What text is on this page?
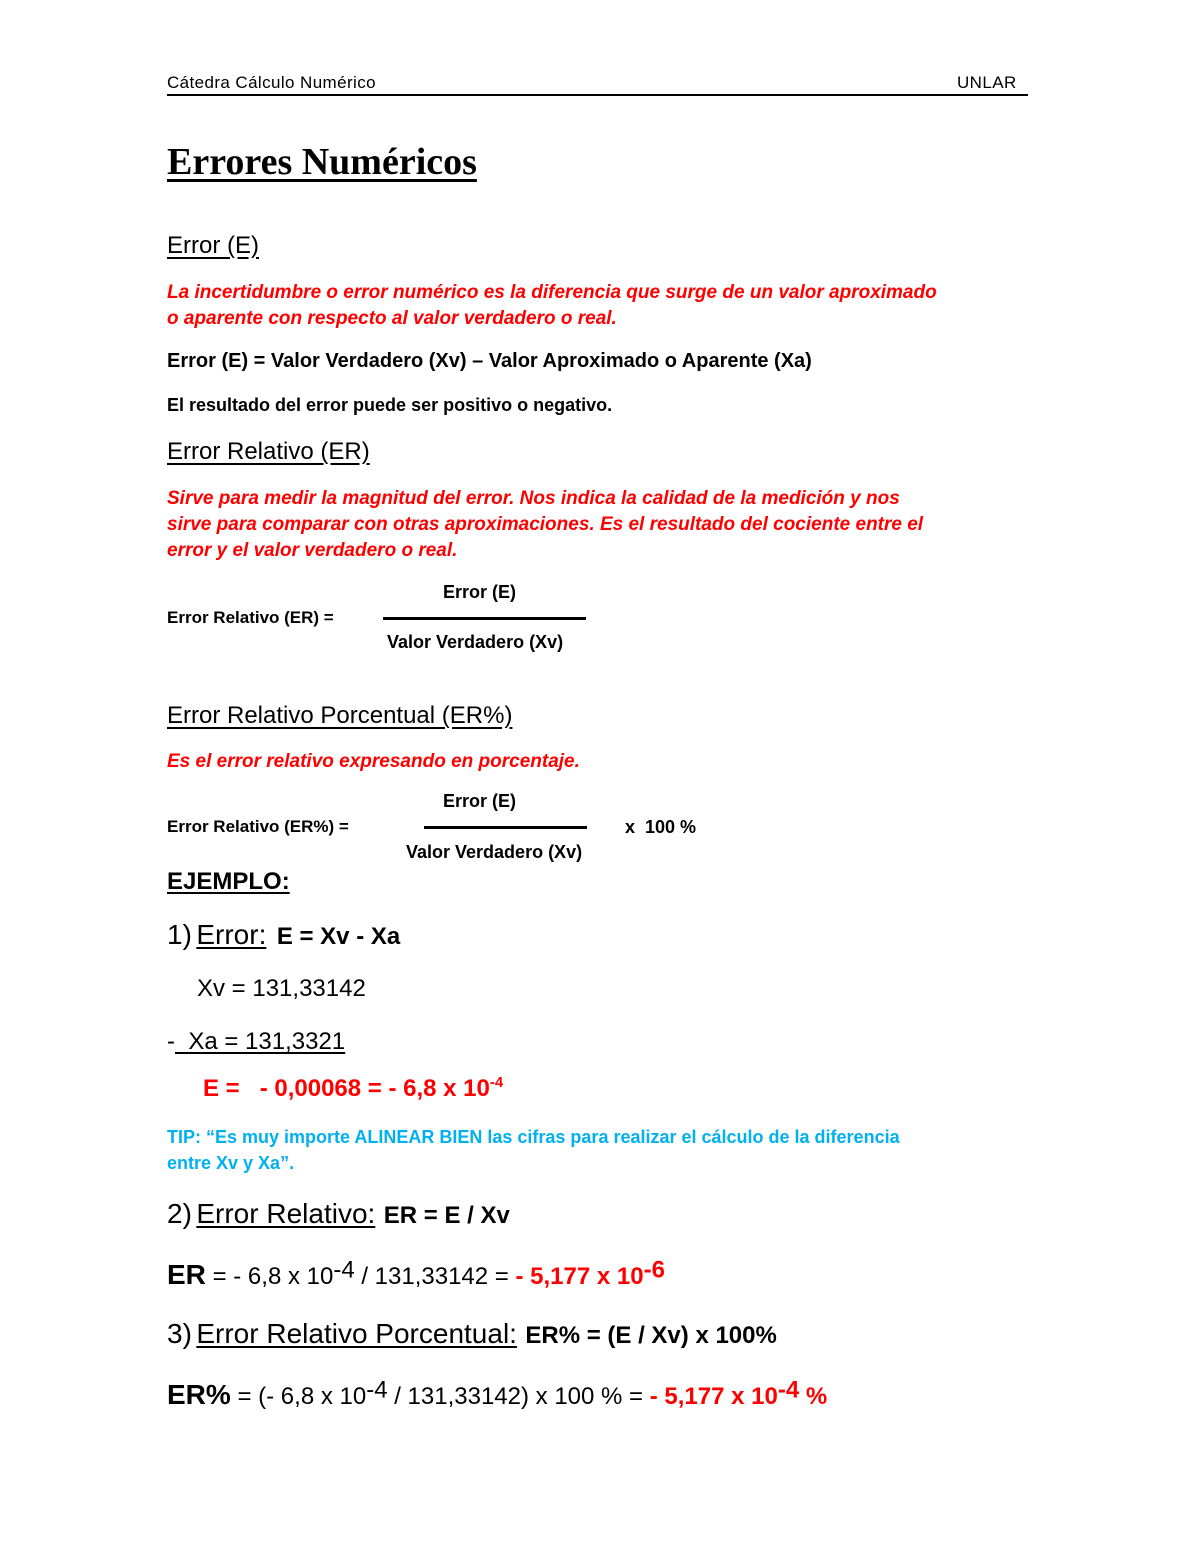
Cátedra Cálculo Numérico	UNLAR
Errores Numéricos
Error (E)
La incertidumbre o error numérico es la diferencia que surge de un valor aproximado
o aparente con respecto al valor verdadero o real.
Error (E) = Valor Verdadero (Xv) – Valor Aproximado o Aparente (Xa)
El resultado del error puede ser positivo o negativo.
Error Relativo (ER)
Sirve para medir la magnitud del error. Nos indica la calidad de la medición y nos
sirve para comparar con otras aproximaciones. Es el resultado del cociente entre el
error y el valor verdadero o real.
Error (E)
Error Relativo (ER) =
Valor Verdadero (Xv)
Error Relativo Porcentual (ER%)
Es el error relativo expresando en porcentaje.
Error (E)
Error Relativo (ER%) =	x  100 %
Valor Verdadero (Xv)
EJEMPLO:
1) Error: E = Xv - Xa
Xv = 131,33142
-  Xa = 131,3321
E = - 0,00068 = - 6,8 x $10^{-4}$
TIP: “Es muy importe ALINEAR BIEN las cifras para realizar el cálculo de la diferencia
entre Xv y Xa”.
2) Error Relativo: ER = E / Xv
ER = - 6,8 x $10^{-4} / 131,33142$ = - 5,177 x $10^{-6}$
3) Error Relativo Porcentual: ER% = (E / Xv) x 100%
ER% = (- 6,8 x $10^{-4} / 131,33142$) x 100 % = - 5,177 x $10^{-4}$ %
